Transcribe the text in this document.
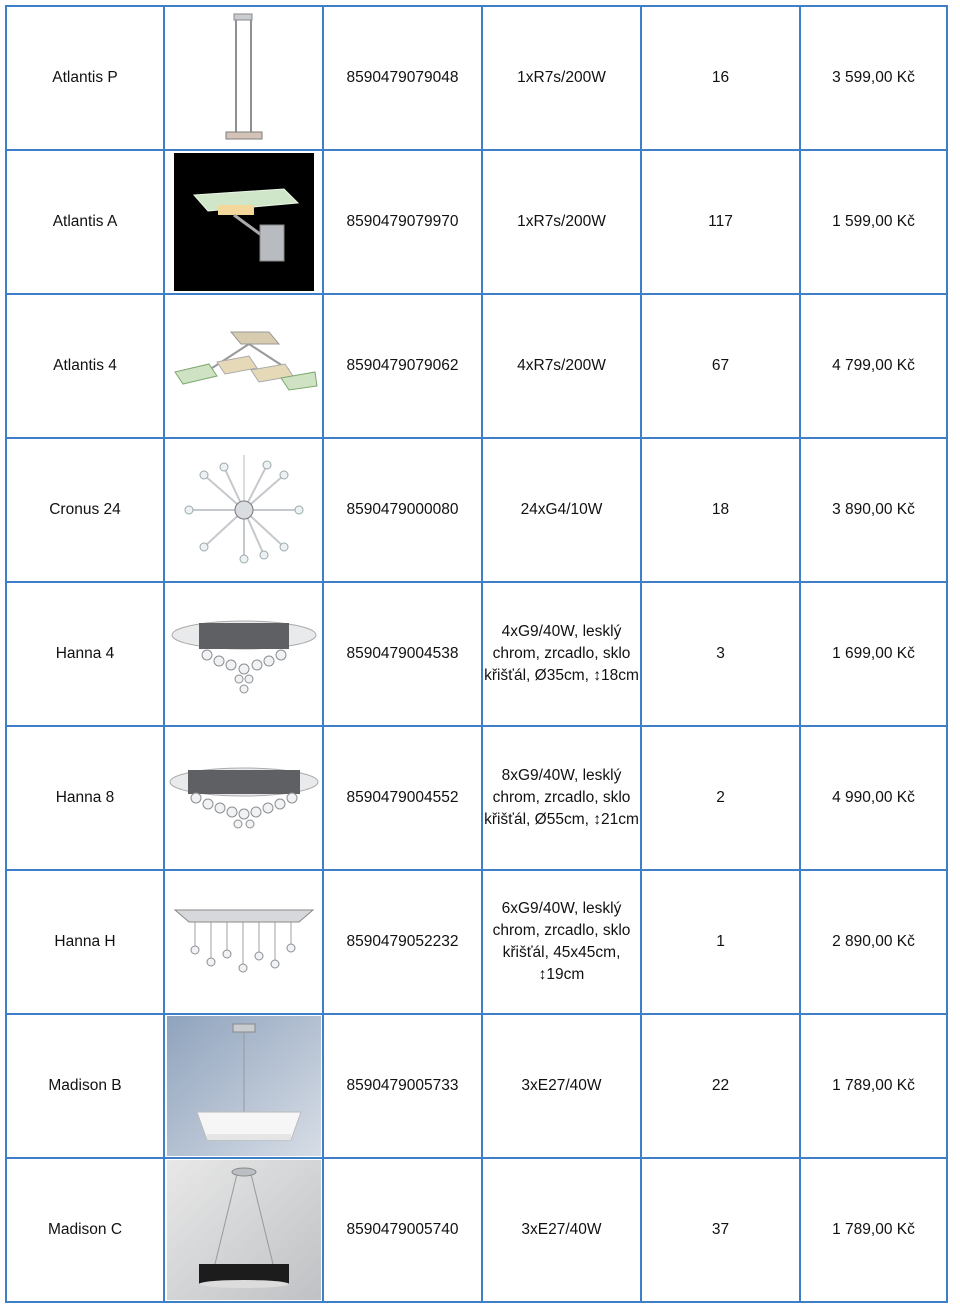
Atlantis P		8590479079048	1xR7s/200W	16	3 599,00 Kč
Atlantis A		8590479079970	1xR7s/200W	117	1 599,00 Kč
Atlantis 4		8590479079062	4xR7s/200W	67	4 799,00 Kč
Cronus 24		8590479000080	24xG4/10W	18	3 890,00 Kč
Hanna 4		8590479004538	4xG9/40W, lesklý chrom, zrcadlo, sklo křišťál, Ø35cm, ↕18cm	3	1 699,00 Kč
Hanna 8		8590479004552	8xG9/40W, lesklý chrom, zrcadlo, sklo křišťál, Ø55cm, ↕21cm	2	4 990,00 Kč
Hanna H		8590479052232	6xG9/40W, lesklý chrom, zrcadlo, sklo křišťál, 45x45cm, ↕19cm	1	2 890,00 Kč
Madison B		8590479005733	3xE27/40W	22	1 789,00 Kč
Madison C		8590479005740	3xE27/40W	37	1 789,00 Kč
